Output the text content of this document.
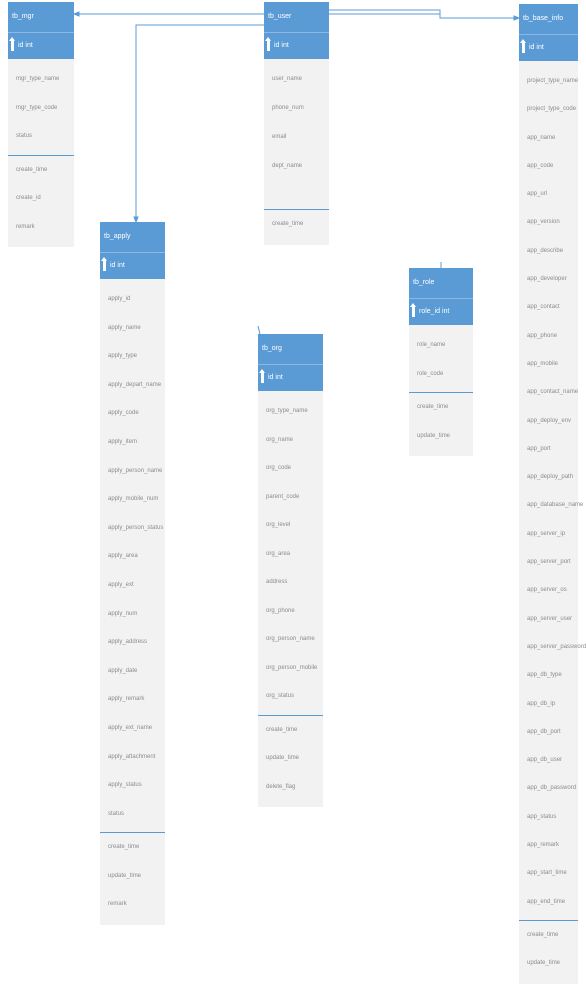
tb_mgr
id int
mgr_type_name
mgr_type_code
status
create_time
create_id
remark
tb_user
id int
user_name
phone_num
email
dept_name
create_time
tb_apply
id int
apply_id
apply_name
apply_type
apply_depart_name
apply_code
apply_item
apply_person_name
apply_mobile_num
apply_person_status
apply_area
apply_ext
apply_num
apply_address
apply_date
apply_remark
apply_ext_name
apply_attachment
apply_status
status
create_time
update_time
remark
tb_org
id int
org_type_name
org_name
org_code
parent_code
org_level
org_area
address
org_phone
org_person_name
org_person_mobile
org_status
create_time
update_time
delete_flag
tb_role
role_id int
role_name
role_code
create_time
update_time
tb_base_info
id int
project_type_name
project_type_code
app_name
app_code
app_url
app_version
app_describe
app_developer
app_contact
app_phone
app_mobile
app_contact_name
app_deploy_env
app_port
app_deploy_path
app_database_name
app_server_ip
app_server_port
app_server_os
app_server_user
app_server_password
app_db_type
app_db_ip
app_db_port
app_db_user
app_db_password
app_status
app_remark
app_start_time
app_end_time
create_time
update_time
